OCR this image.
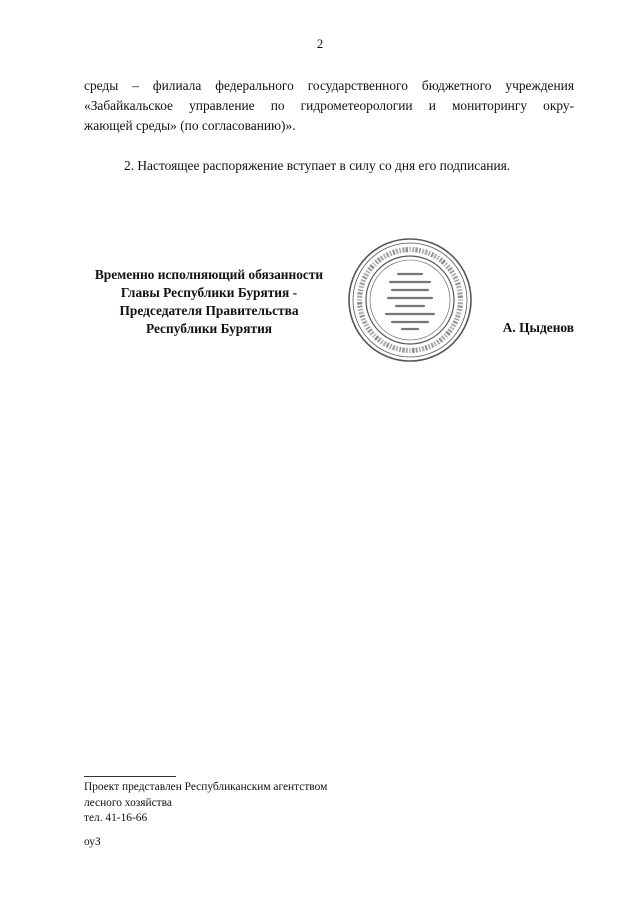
2
среды – филиала федерального государственного бюджетного учреждения
«Забайкальское управление по гидрометеорологии и мониторингу окру-
жающей среды» (по согласованию)».
2. Настоящее распоряжение вступает в силу со дня его подписания.
Временно исполняющий обязанности
Главы Республики Бурятия -
Председателя Правительства
Республики Бурятия	А. Цыденов
Проект представлен Республиканским агентством
лесного хозяйства
тел. 41-16-66
оуЗ
